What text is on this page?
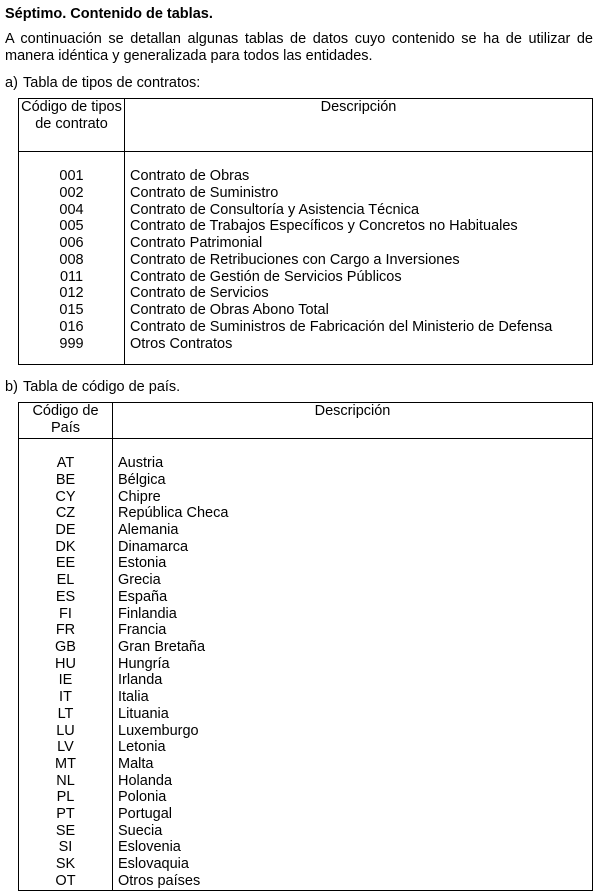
Séptimo. Contenido de tablas.
A continuación se detallan algunas tablas de datos cuyo contenido se ha de utilizar de manera idéntica y generalizada para todos las entidades.
a) Tabla de tipos de contratos:
Código de tipos de contrato	Descripción

001	Contrato de Obras
002	Contrato de Suministro
004	Contrato de Consultoría y Asistencia Técnica
005	Contrato de Trabajos Específicos y Concretos no Habituales
006	Contrato Patrimonial
008	Contrato de Retribuciones con Cargo a Inversiones
011	Contrato de Gestión de Servicios Públicos
012	Contrato de Servicios
015	Contrato de Obras Abono Total
016	Contrato de Suministros de Fabricación del Ministerio de Defensa
999	Otros Contratos

b) Tabla de código de país.
Código de País	Descripción

AT	Austria
BE	Bélgica
CY	Chipre
CZ	República Checa
DE	Alemania
DK	Dinamarca
EE	Estonia
EL	Grecia
ES	España
FI	Finlandia
FR	Francia
GB	Gran Bretaña
HU	Hungría
IE	Irlanda
IT	Italia
LT	Lituania
LU	Luxemburgo
LV	Letonia
MT	Malta
NL	Holanda
PL	Polonia
PT	Portugal
SE	Suecia
SI	Eslovenia
SK	Eslovaquia
OT	Otros países
